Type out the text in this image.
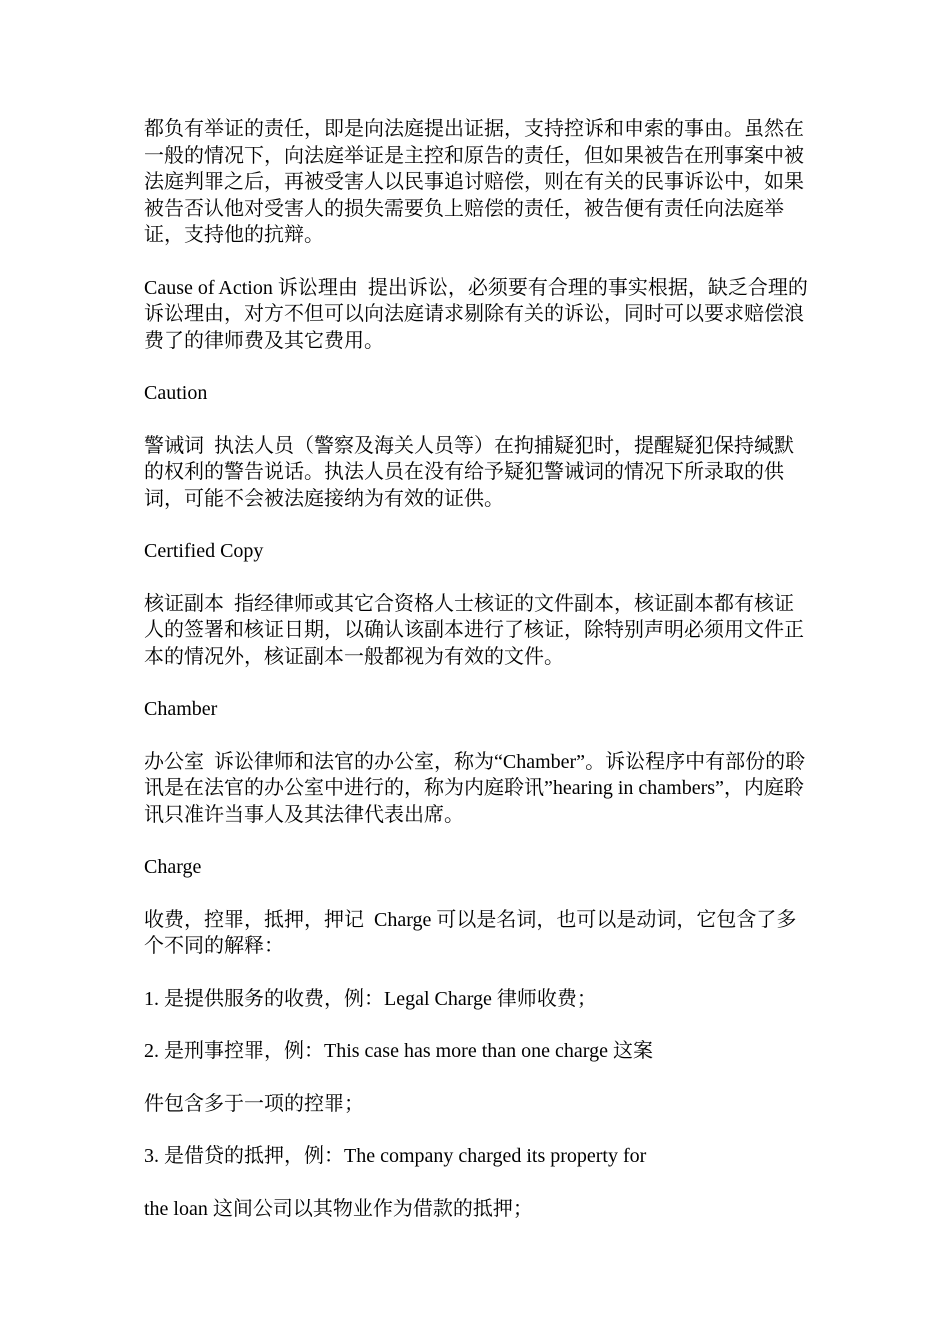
都负有举证的责任，即是向法庭提出证据，支持控诉和申索的事由。虽然在一般的情况下，向法庭举证是主控和原告的责任，但如果被告在刑事案中被法庭判罪之后，再被受害人以民事追讨赔偿，则在有关的民事诉讼中，如果被告否认他对受害人的损失需要负上赔偿的责任，被告便有责任向法庭举证，支持他的抗辩。

Cause of Action 诉讼理由  提出诉讼，必须要有合理的事实根据，缺乏合理的诉讼理由，对方不但可以向法庭请求剔除有关的诉讼，同时可以要求赔偿浪费了的律师费及其它费用。

Caution

警诫词  执法人员（警察及海关人员等）在拘捕疑犯时，提醒疑犯保持缄默的权利的警告说话。执法人员在没有给予疑犯警诫词的情况下所录取的供词，可能不会被法庭接纳为有效的证供。

Certified Copy

核证副本  指经律师或其它合资格人士核证的文件副本，核证副本都有核证人的签署和核证日期，以确认该副本进行了核证，除特别声明必须用文件正本的情况外，核证副本一般都视为有效的文件。

Chamber

办公室  诉讼律师和法官的办公室，称为“Chamber”。诉讼程序中有部份的聆讯是在法官的办公室中进行的，称为内庭聆讯”hearing in chambers”，内庭聆讯只准许当事人及其法律代表出席。

Charge

收费，控罪，抵押，押记  Charge 可以是名词，也可以是动词，它包含了多个不同的解释：

1. 是提供服务的收费，例：Legal Charge 律师收费；

2. 是刑事控罪，例：This case has more than one charge 这案

件包含多于一项的控罪；

3. 是借贷的抵押，例：The company charged its property for

the loan 这间公司以其物业作为借款的抵押；
